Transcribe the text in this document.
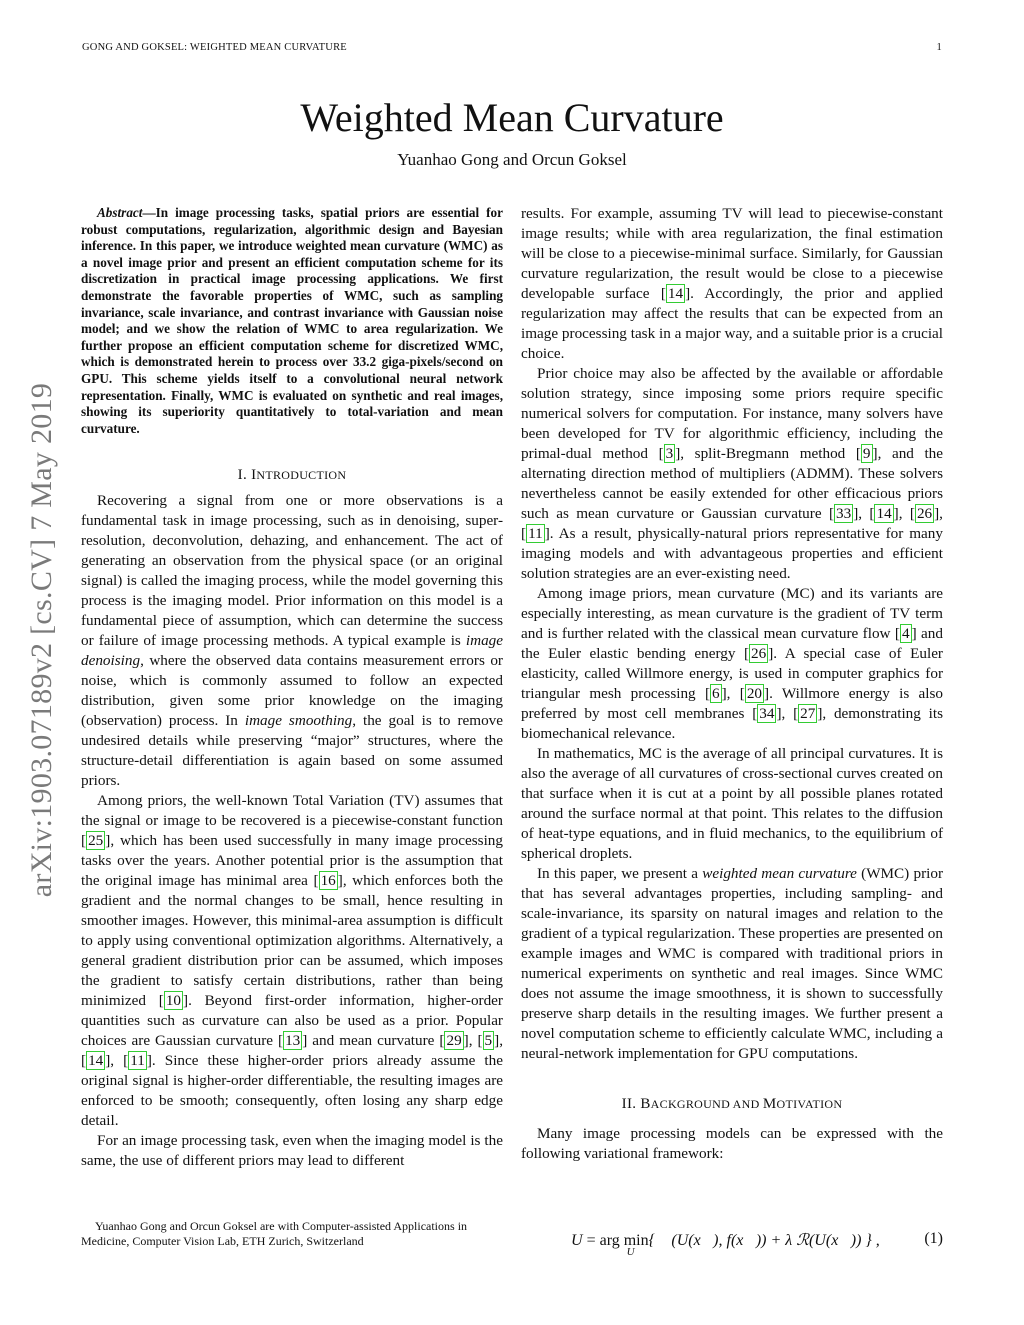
GONG AND GOKSEL: WEIGHTED MEAN CURVATURE	1
Weighted Mean Curvature
Yuanhao Gong and Orcun Goksel
arXiv:1903.07189v2 [cs.CV] 7 May 2019

Abstract—In image processing tasks, spatial priors are essential for robust computations, regularization, algorithmic design and Bayesian inference. In this paper, we introduce weighted mean curvature (WMC) as a novel image prior and present an efficient computation scheme for its discretization in practical image processing applications. We first demonstrate the favorable properties of WMC, such as sampling invariance, scale invariance, and contrast invariance with Gaussian noise model; and we show the relation of WMC to area regularization. We further propose an efficient computation scheme for discretized WMC, which is demonstrated herein to process over 33.2 giga-pixels/second on GPU. This scheme yields itself to a convolutional neural network representation. Finally, WMC is evaluated on synthetic and real images, showing its superiority quantitatively to total-variation and mean curvature.

I. INTRODUCTION

Recovering a signal from one or more observations is a fundamental task in image processing, such as in denoising, super-resolution, deconvolution, dehazing, and enhancement. The act of generating an observation from the physical space (or an original signal) is called the imaging process, while the model governing this process is the imaging model. Prior information on this model is a fundamental piece of assumption, which can determine the success or failure of image processing methods. A typical example is image denoising, where the observed data contains measurement errors or noise, which is commonly assumed to follow an expected distribution, given some prior knowledge on the imaging (observation) process. In image smoothing, the goal is to remove undesired details while preserving “major” structures, where the structure-detail differentiation is again based on some assumed priors.

Among priors, the well-known Total Variation (TV) assumes that the signal or image to be recovered is a piecewise-constant function [ 25 ], which has been used successfully in many image processing tasks over the years. Another potential prior is the assumption that the original image has minimal area [ 16 ], which enforces both the gradient and the normal changes to be small, hence resulting in smoother images. However, this minimal-area assumption is difficult to apply using conventional optimization algorithms. Alternatively, a general gradient distribution prior can be assumed, which imposes the gradient to satisfy certain distributions, rather than being minimized [ 10 ]. Beyond first-order information, higher-order quantities such as curvature can also be used as a prior. Popular choices are Gaussian curvature [ 13 ] and mean curvature [ 29 ], [ 5 ], [ 14 ], [ 11 ]. Since these higher-order priors already assume the original signal is higher-order differentiable, the resulting images are enforced to be smooth; consequently, often losing any sharp edge detail.

For an image processing task, even when the imaging model is the same, the use of different priors may lead to different

Yuanhao Gong and Orcun Goksel are with Computer-assisted Applications in Medicine, Computer Vision Lab, ETH Zurich, Switzerland

results. For example, assuming TV will lead to piecewise-constant image results; while with area regularization, the final estimation will be close to a piecewise-minimal surface. Similarly, for Gaussian curvature regularization, the result would be close to a piecewise developable surface [ 14 ]. Accordingly, the prior and applied regularization may affect the results that can be expected from an image processing task in a major way, and a suitable prior is a crucial choice.

Prior choice may also be affected by the available or affordable solution strategy, since imposing some priors require specific numerical solvers for computation. For instance, many solvers have been developed for TV for algorithmic efficiency, including the primal-dual method [ 3 ], split-Bregmann method [ 9 ], and the alternating direction method of multipliers (ADMM). These solvers nevertheless cannot be easily extended for other efficacious priors such as mean curvature or Gaussian curvature [ 33 ], [ 14 ], [ 26 ], [ 11 ]. As a result, physically-natural priors representative for many imaging models and with advantageous properties and efficient solution strategies are an ever-existing need.

Among image priors, mean curvature (MC) and its variants are especially interesting, as mean curvature is the gradient of TV term and is further related with the classical mean curvature flow [ 4 ] and the Euler elastic bending energy [ 26 ]. A special case of Euler elasticity, called Willmore energy, is used in computer graphics for triangular mesh processing [ 6 ], [ 20 ]. Willmore energy is also preferred by most cell membranes [ 34 ], [ 27 ], demonstrating its biomechanical relevance.

In mathematics, MC is the average of all principal curvatures. It is also the average of all curvatures of cross-sectional curves created on that surface when it is cut at a point by all possible planes rotated around the surface normal at that point. This relates to the diffusion of heat-type equations, and in fluid mechanics, to the equilibrium of spherical droplets.

In this paper, we present a weighted mean curvature (WMC) prior that has several advantages properties, including sampling- and scale-invariance, its sparsity on natural images and relation to the gradient of a typical regularization. These properties are presented on example images and WMC is compared with traditional priors in numerical experiments on synthetic and real images. Since WMC does not assume the image smoothness, it is shown to successfully preserve sharp details in the resulting images. We further present a novel computation scheme to efficiently calculate WMC, including a neural-network implementation for GPU computations.

II. BACKGROUND AND MOTIVATION

Many image processing models can be expressed with the following variational framework:

U = arg minU { ℰ(U(x⃗), f(x⃗)) + λ ℛ(U(x⃗)) } ,	(1)
